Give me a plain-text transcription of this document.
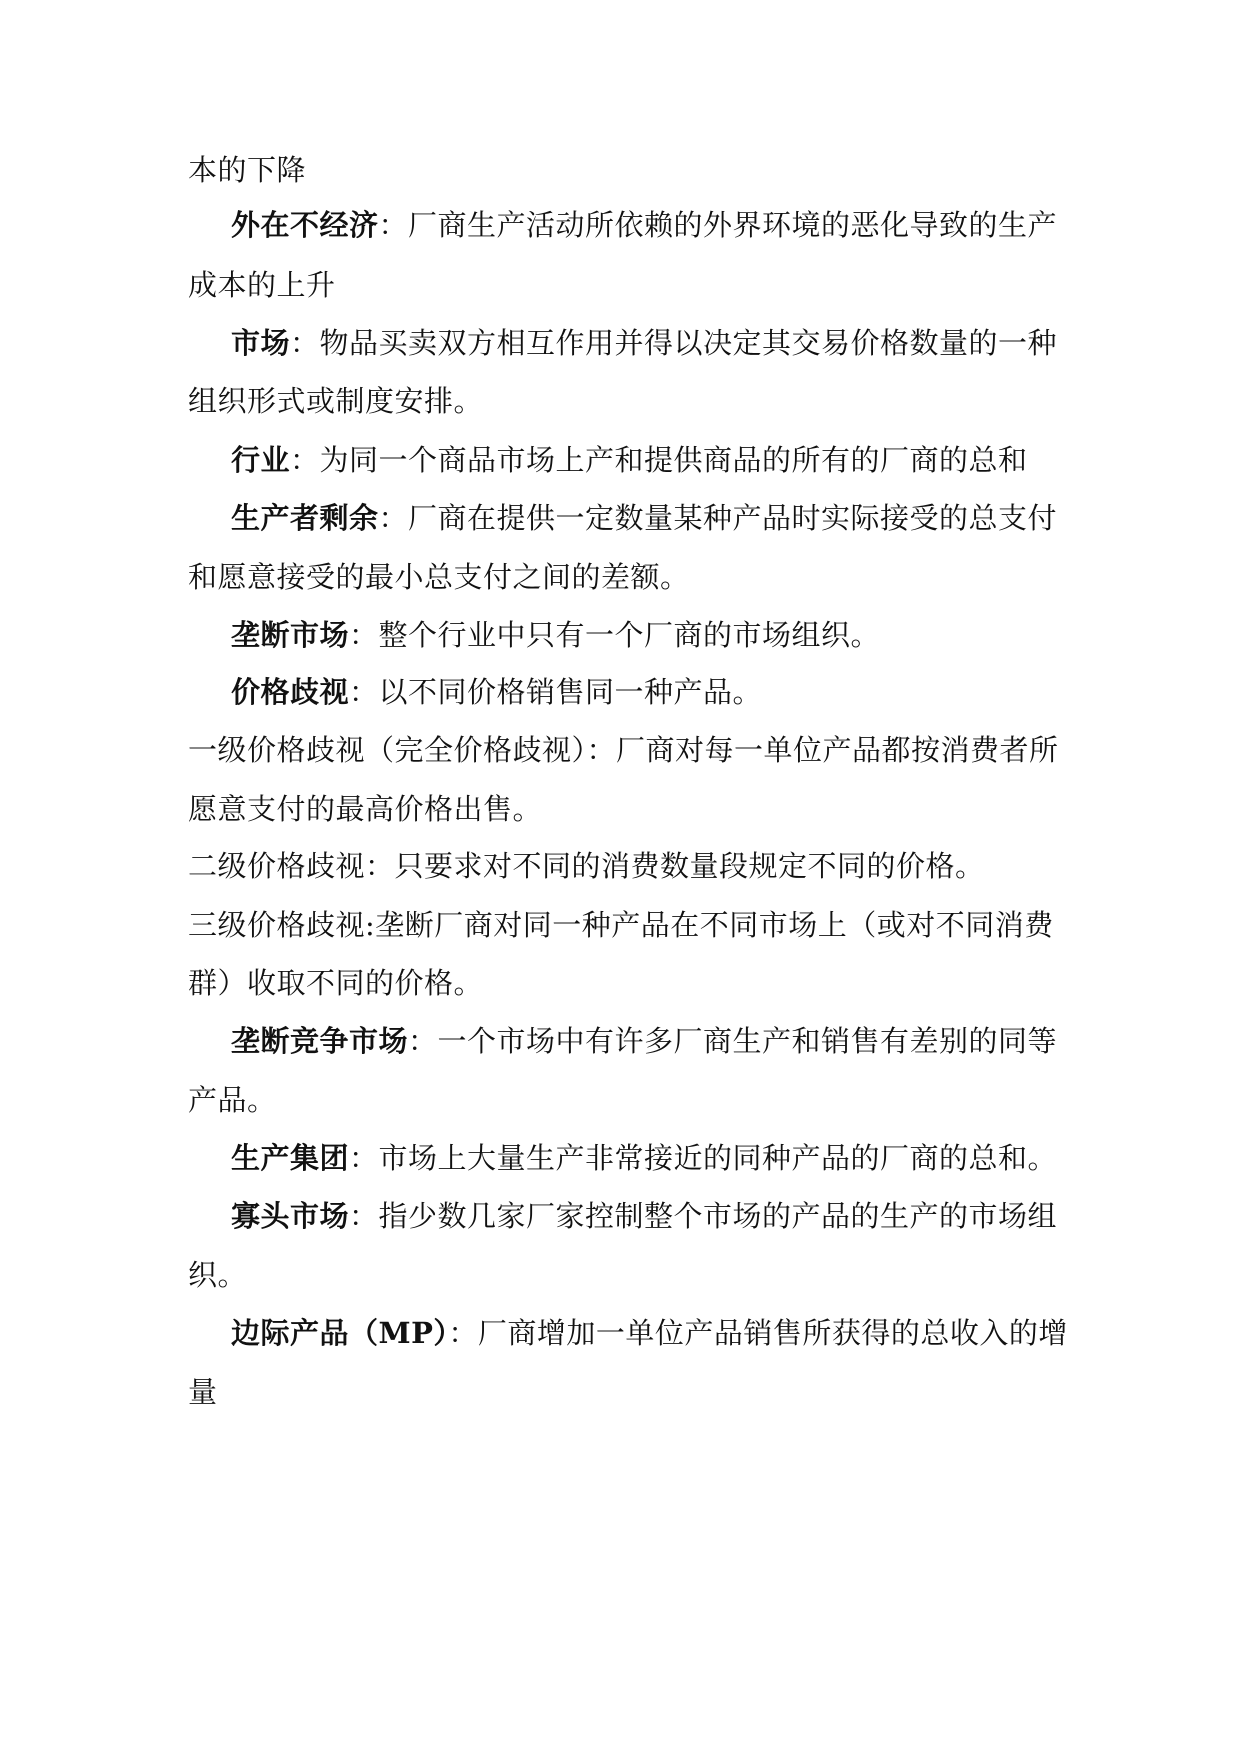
本的下降
外在不经济：厂商生产活动所依赖的外界环境的恶化导致的生产
成本的上升
市场：物品买卖双方相互作用并得以决定其交易价格数量的一种
组织形式或制度安排。
行业：为同一个商品市场上产和提供商品的所有的厂商的总和
生产者剩余：厂商在提供一定数量某种产品时实际接受的总支付
和愿意接受的最小总支付之间的差额。
垄断市场：整个行业中只有一个厂商的市场组织。
价格歧视：以不同价格销售同一种产品。
一级价格歧视（完全价格歧视）：厂商对每一单位产品都按消费者所
愿意支付的最高价格出售。
二级价格歧视：只要求对不同的消费数量段规定不同的价格。
三级价格歧视:垄断厂商对同一种产品在不同市场上（或对不同消费
群）收取不同的价格。
垄断竞争市场：一个市场中有许多厂商生产和销售有差别的同等
产品。
生产集团：市场上大量生产非常接近的同种产品的厂商的总和。
寡头市场：指少数几家厂家控制整个市场的产品的生产的市场组
织。
边际产品（MP）：厂商增加一单位产品销售所获得的总收入的增
量
